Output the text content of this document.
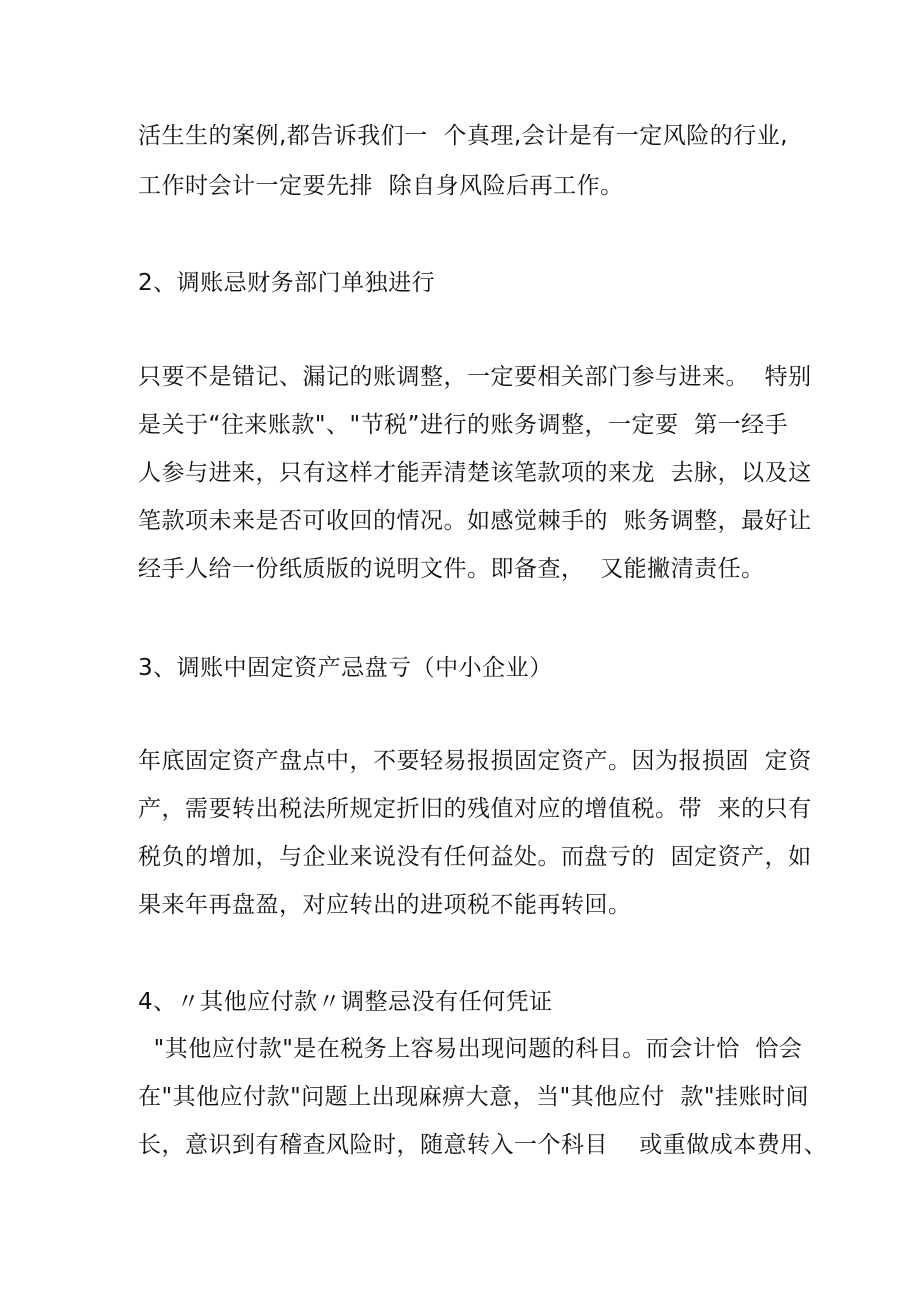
活生生的案例,都告诉我们一  个真理,会计是有一定风险的行业,
工作时会计一定要先排  除自身风险后再工作。
2、调账忌财务部门单独进行
只要不是错记、漏记的账调整，一定要相关部门参与进来。  特别
是关于“往来账款"、"节税”进行的账务调整，一定要  第一经手
人参与进来，只有这样才能弄清楚该笔款项的来龙  去脉，以及这
笔款项未来是否可收回的情况。如感觉棘手的  账务调整，最好让
经手人给一份纸质版的说明文件。即备查，  又能撇清责任。
3、调账中固定资产忌盘亏（中小企业）
年底固定资产盘点中，不要轻易报损固定资产。因为报损固  定资
产，需要转出税法所规定折旧的残值对应的增值税。带  来的只有
税负的增加，与企业来说没有任何益处。而盘亏的  固定资产，如
果来年再盘盈，对应转出的进项税不能再转回。
4、〃其他应付款〃调整忌没有任何凭证
"其他应付款"是在税务上容易出现问题的科目。而会计恰  恰会
在"其他应付款"问题上出现麻痹大意，当"其他应付  款"挂账时间
长，意识到有稽查风险时，随意转入一个科目    或重做成本费用、
